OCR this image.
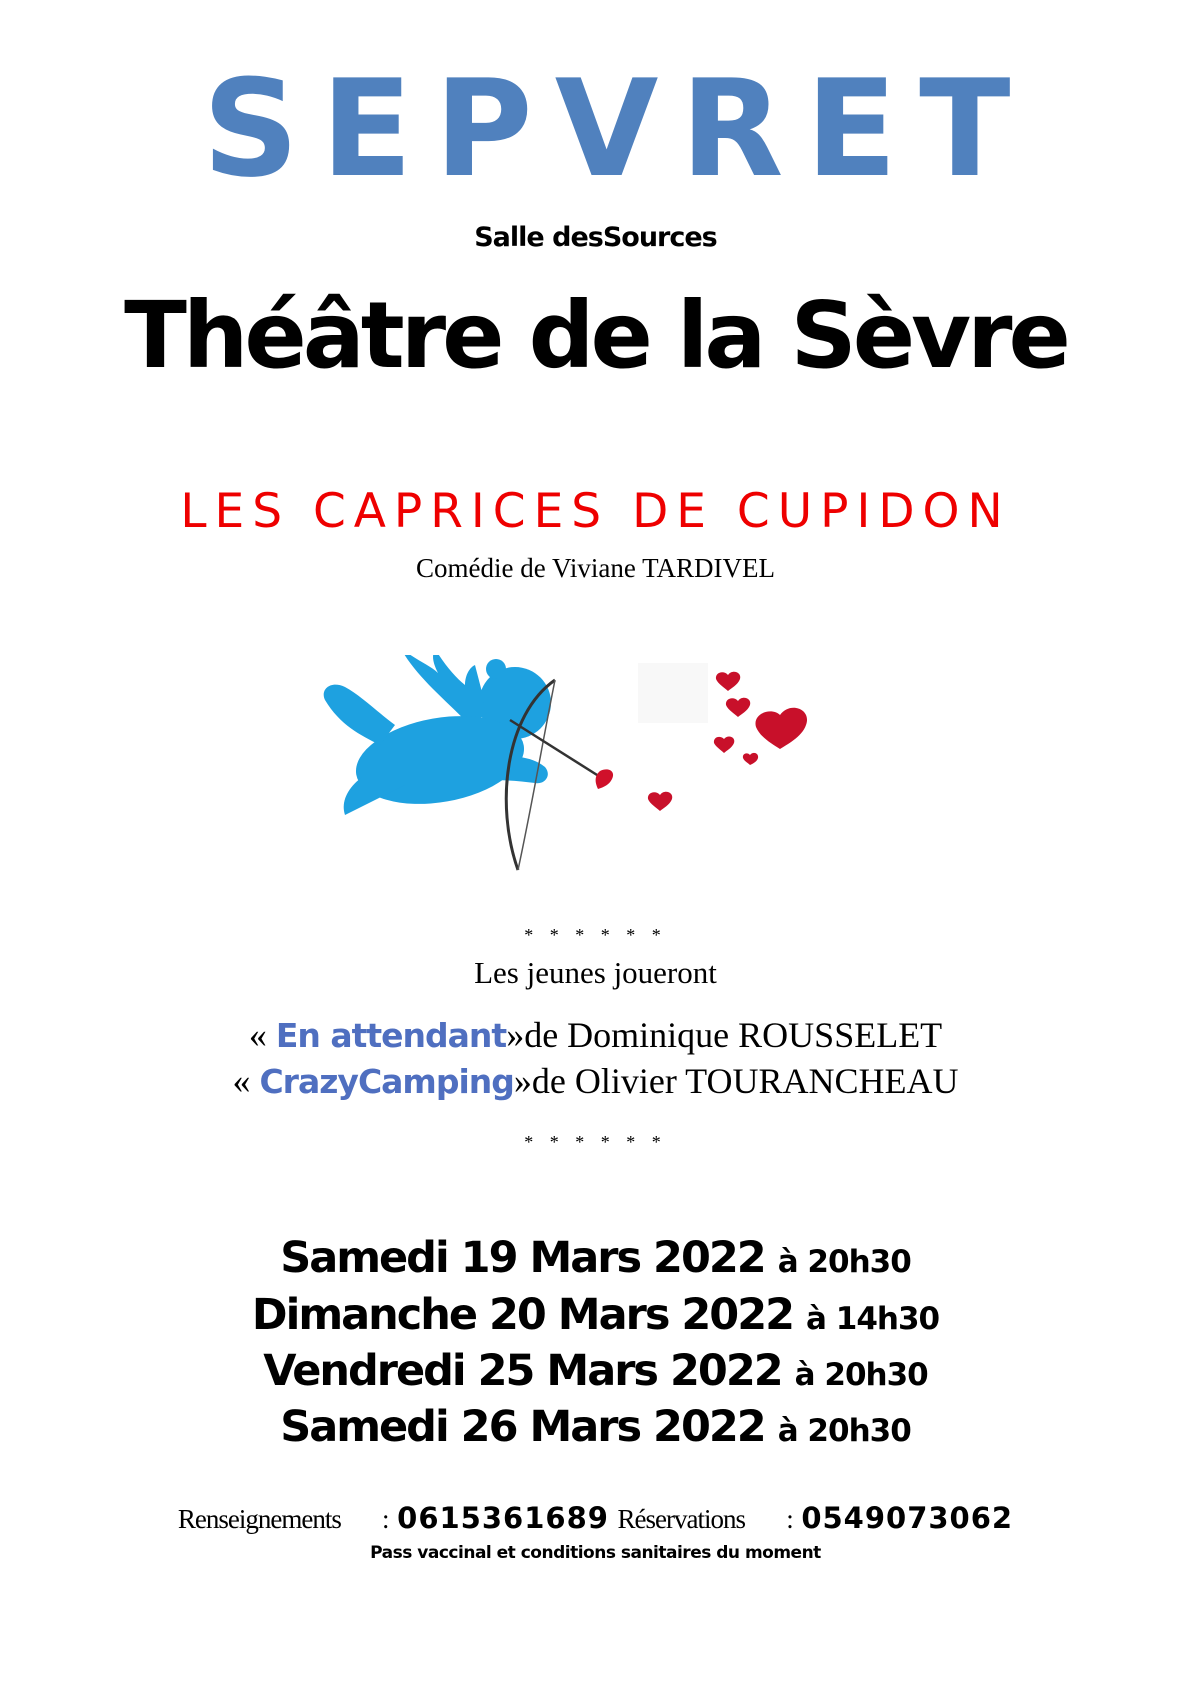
SEPVRET
Salle desSources
Théâtre de la Sèvre
LES CAPRICES DE CUPIDON
Comédie de Viviane TARDIVEL
* * * * * *
Les jeunes joueront
« En attendant»de Dominique ROUSSELET
« CrazyCamping»de Olivier TOURANCHEAU
* * * * * *
Samedi 19 Mars 2022 à 20h30
Dimanche 20 Mars 2022 à 14h30
Vendredi 25 Mars 2022 à 20h30
Samedi 26 Mars 2022 à 20h30
Renseignements : 0615361689 Réservations : 0549073062
Pass vaccinal et conditions sanitaires du moment
